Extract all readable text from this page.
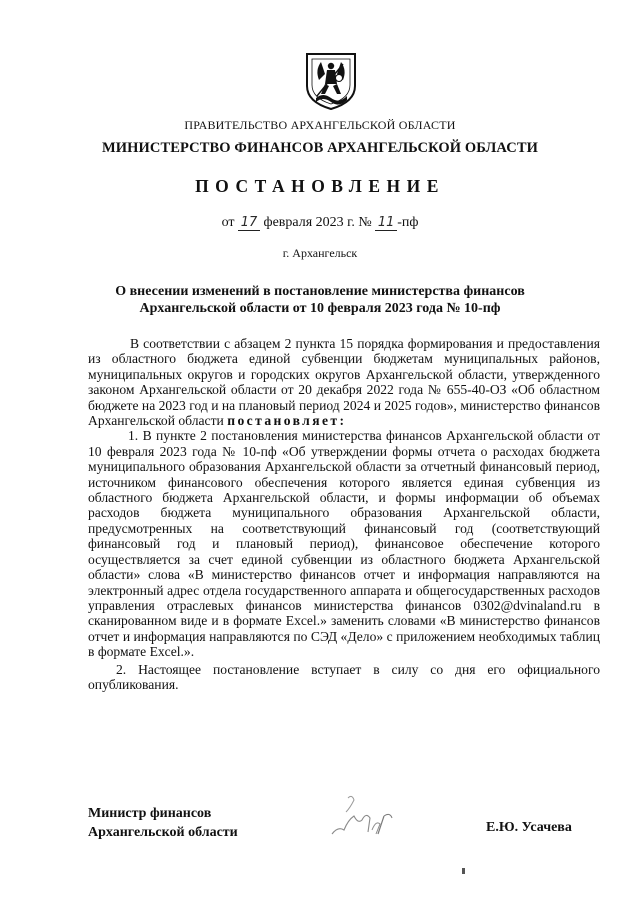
ПРАВИТЕЛЬСТВО АРХАНГЕЛЬСКОЙ ОБЛАСТИ
МИНИСТЕРСТВО ФИНАНСОВ АРХАНГЕЛЬСКОЙ ОБЛАСТИ
ПОСТАНОВЛЕНИЕ
от 17 февраля 2023 г. № 11 -пф
г. Архангельск
О внесении изменений в постановление министерства финансов
Архангельской области от 10 февраля 2023 года № 10-пф

В соответствии с абзацем 2 пункта 15 порядка формирования и предоставления из областного бюджета единой субвенции бюджетам муниципальных районов, муниципальных округов и городских округов Архангельской области, утвержденного законом Архангельской области от 20 декабря 2022 года № 655-40-ОЗ «Об областном бюджете на 2023 год и на плановый период 2024 и 2025 годов», министерство финансов Архангельской области постановляет:

1. В пункте 2 постановления министерства финансов Архангельской области от 10 февраля 2023 года № 10-пф «Об утверждении формы отчета о расходах бюджета муниципального образования Архангельской области за отчетный финансовый период, источником финансового обеспечения которого является единая субвенция из областного бюджета Архангельской области, и формы информации об объемах расходов бюджета муниципального образования Архангельской области, предусмотренных на соответствующий финансовый год (соответствующий финансовый год и плановый период), финансовое обеспечение которого осуществляется за счет единой субвенции из областного бюджета Архангельской области» слова «В министерство финансов отчет и информация направляются на электронный адрес отдела государственного аппарата и общегосударственных расходов управления отраслевых финансов министерства финансов 0302@dvinaland.ru в сканированном виде и в формате Excel.» заменить словами «В министерство финансов отчет и информация направляются по СЭД «Дело» с приложением необходимых таблиц в формате Excel.».

2. Настоящее постановление вступает в силу со дня его официального опубликования.

Министр финансов
Архангельской области	Е.Ю. Усачева
